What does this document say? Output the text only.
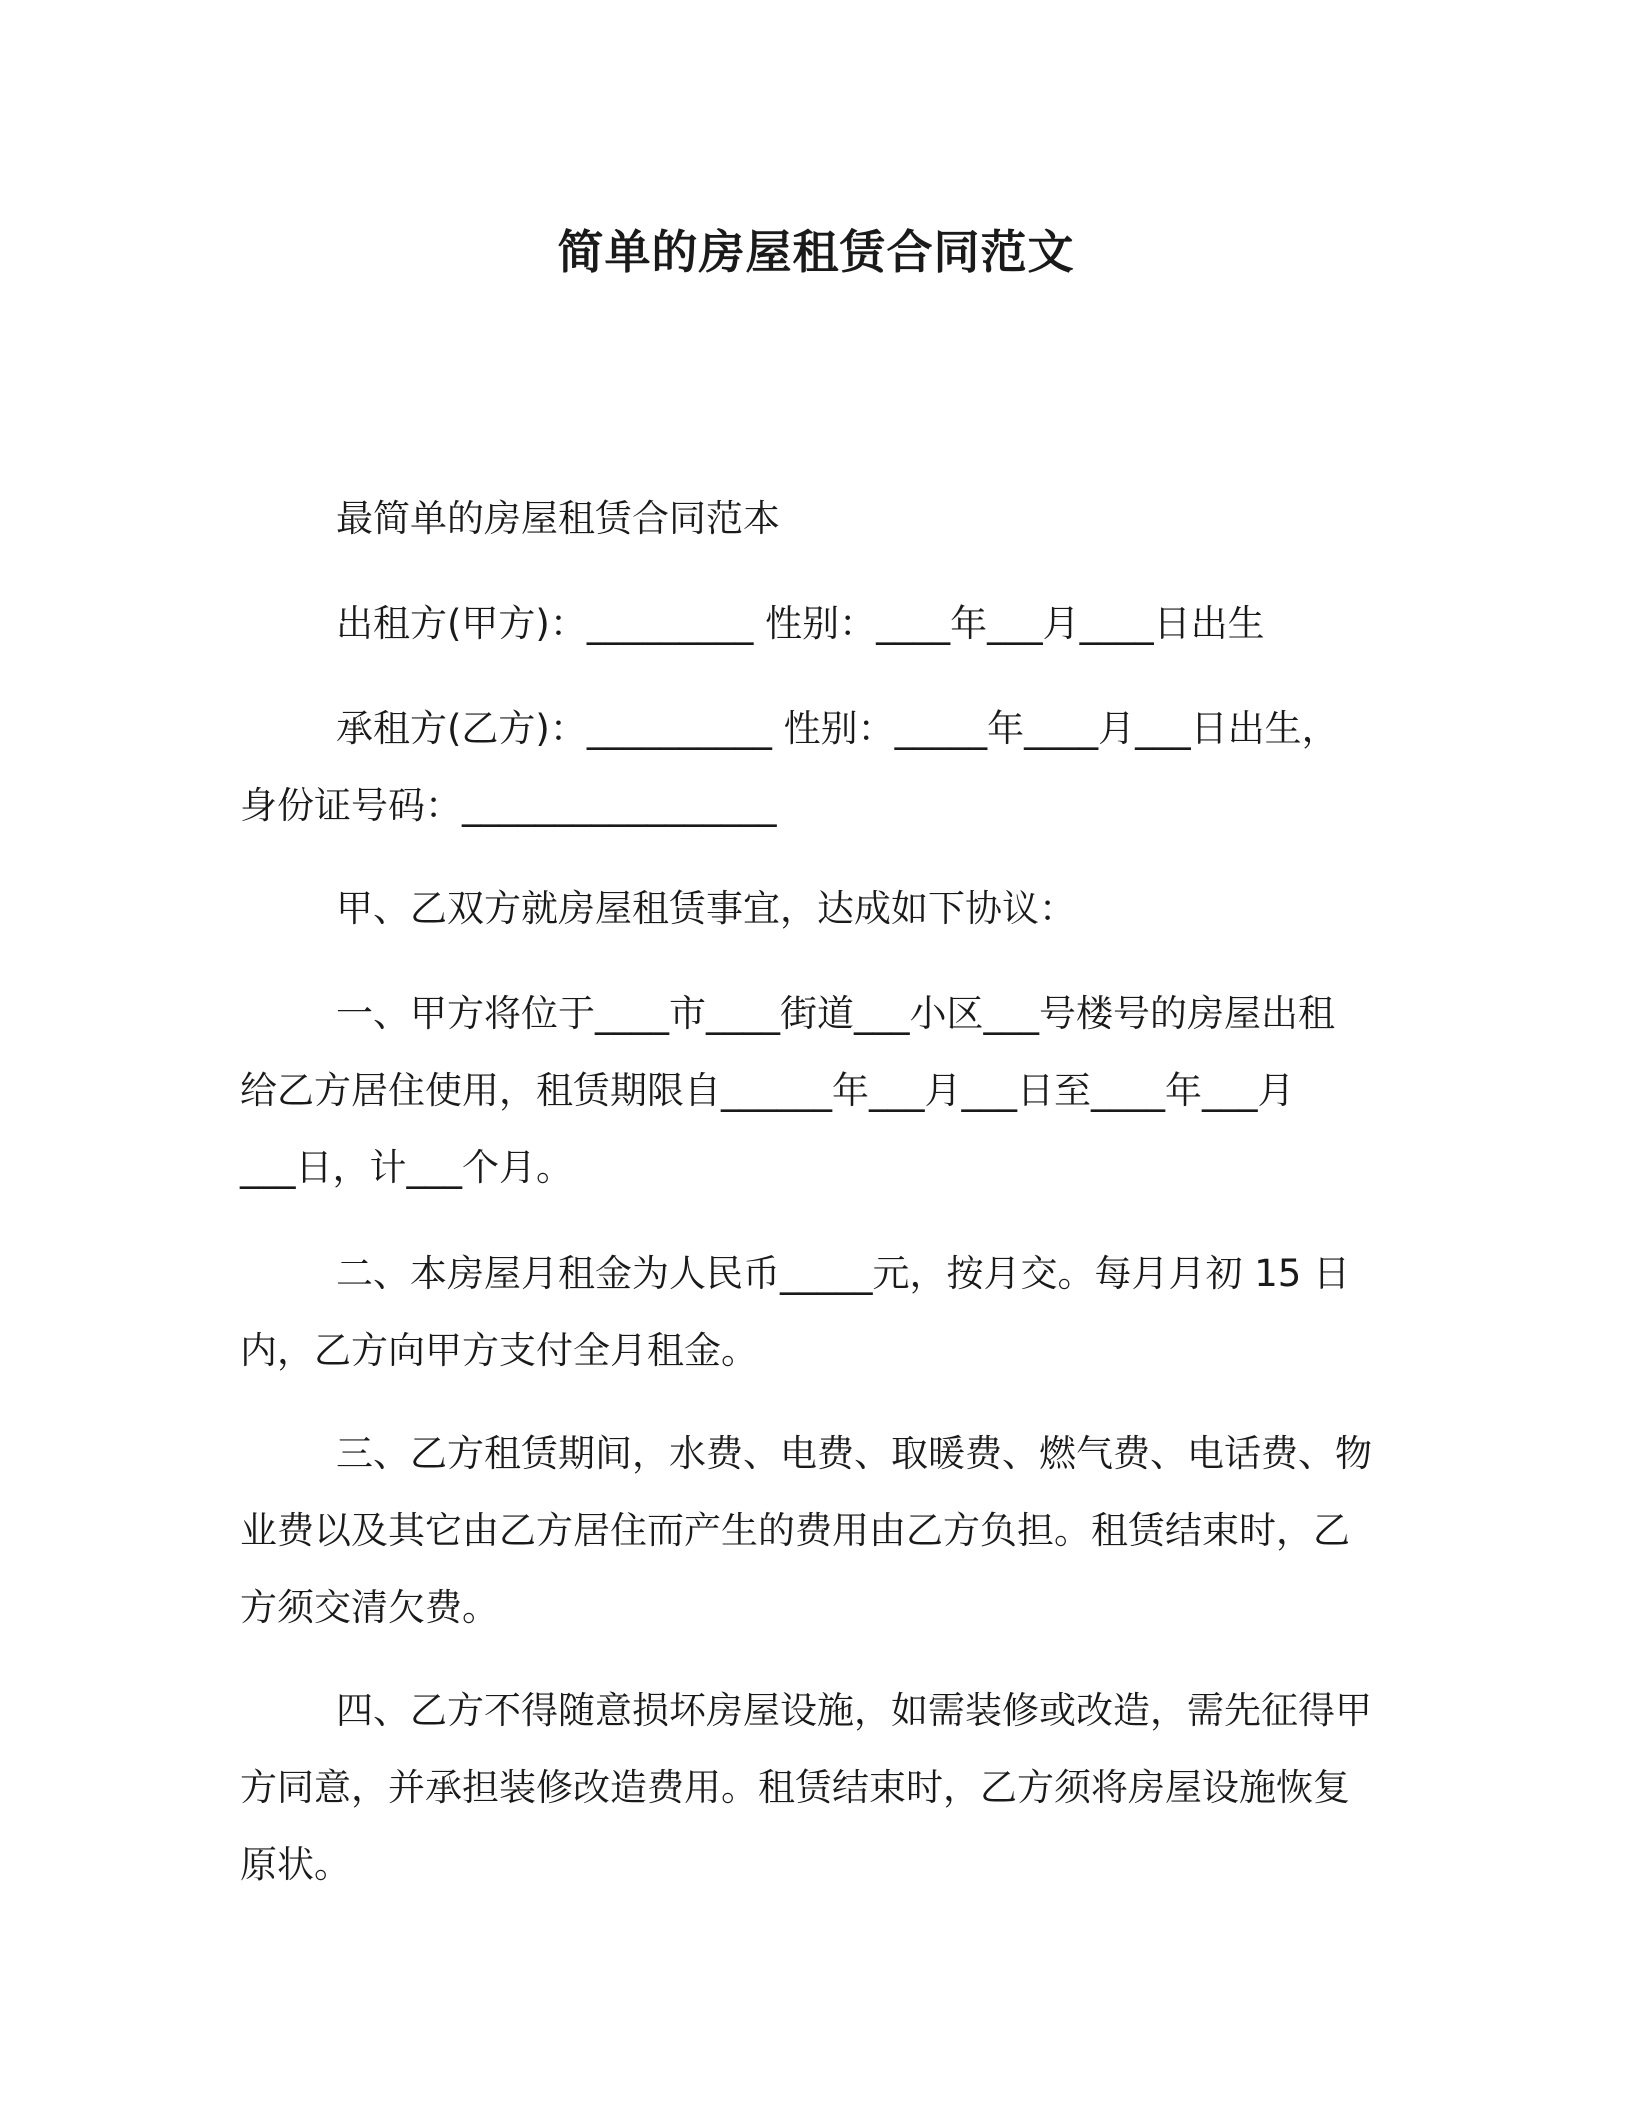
简单的房屋租赁合同范文
最简单的房屋租赁合同范本
出租方(甲方)：_________ 性别：____年___月____日出生
承租方(乙方)：__________ 性别：_____年____月___日出生，
身份证号码：_________________
甲、乙双方就房屋租赁事宜，达成如下协议：
一、甲方将位于____市____街道___小区___号楼号的房屋出租
给乙方居住使用，租赁期限自______年___月___日至____年___月
___日，计___个月。
二、本房屋月租金为人民币_____元，按月交。每月月初 15 日
内，乙方向甲方支付全月租金。
三、乙方租赁期间，水费、电费、取暖费、燃气费、电话费、物
业费以及其它由乙方居住而产生的费用由乙方负担。租赁结束时，乙
方须交清欠费。
四、乙方不得随意损坏房屋设施，如需装修或改造，需先征得甲
方同意，并承担装修改造费用。租赁结束时，乙方须将房屋设施恢复
原状。
